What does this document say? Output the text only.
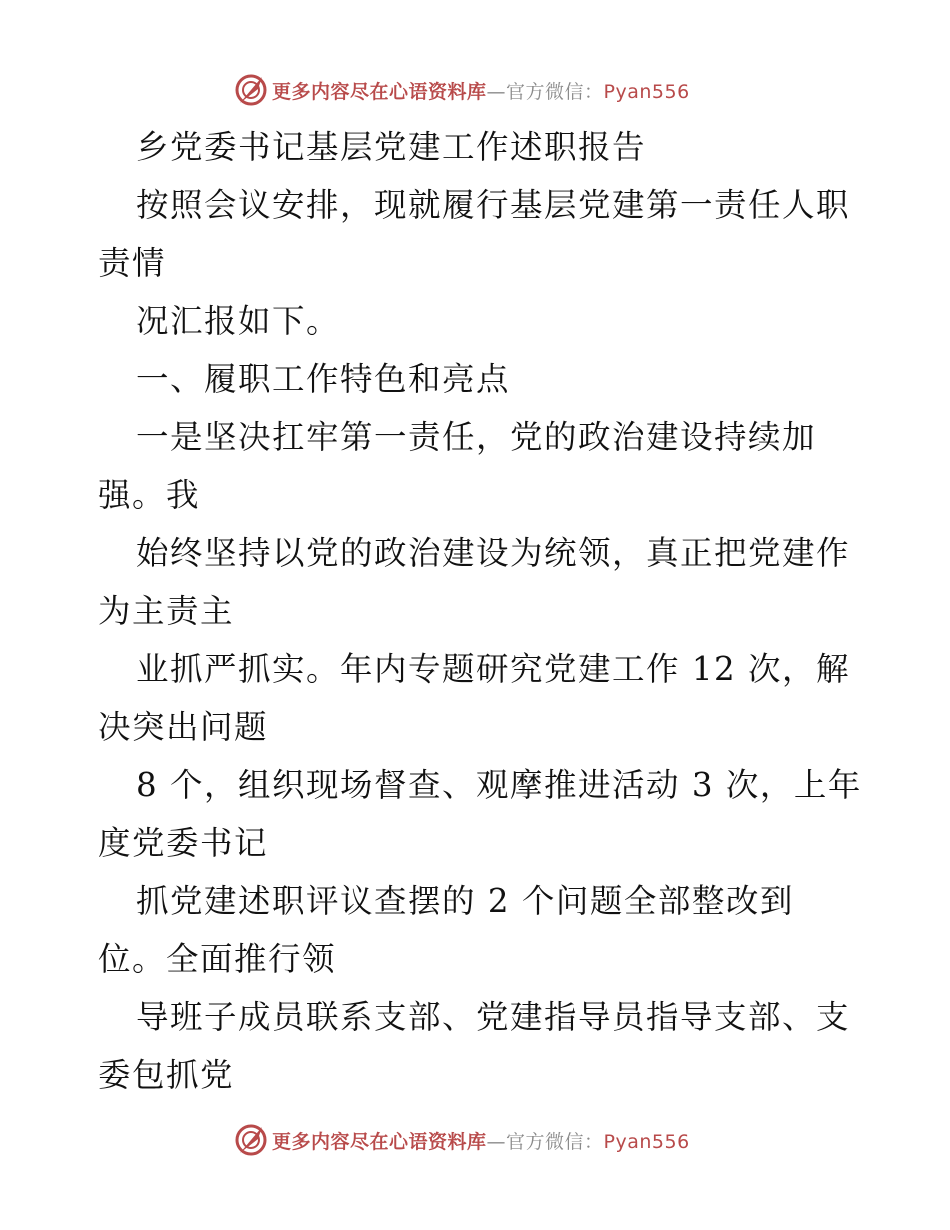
更多内容尽在心语资料库—官方微信：Pyan556
乡党委书记基层党建工作述职报告
按照会议安排，现就履行基层党建第一责任人职
责情
况汇报如下。
一、履职工作特色和亮点
一是坚决扛牢第一责任，党的政治建设持续加
强。我
始终坚持以党的政治建设为统领，真正把党建作
为主责主
业抓严抓实。年内专题研究党建工作 12 次，解
决突出问题
8 个，组织现场督查、观摩推进活动 3 次，上年
度党委书记
抓党建述职评议查摆的 2 个问题全部整改到
位。全面推行领
导班子成员联系支部、党建指导员指导支部、支
委包抓党
更多内容尽在心语资料库—官方微信：Pyan556
